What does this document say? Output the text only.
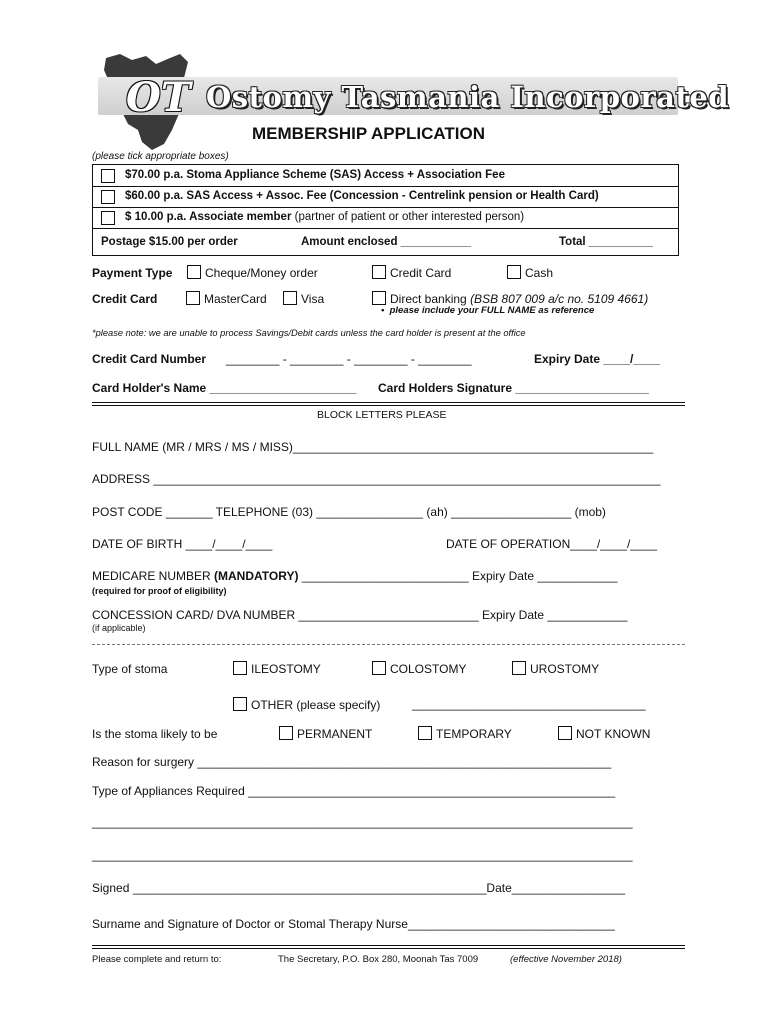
OT Ostomy Tasmania Incorporated
MEMBERSHIP APPLICATION
(please tick appropriate boxes)
$70.00 p.a. Stoma Appliance Scheme (SAS) Access + Association Fee
$60.00 p.a. SAS Access + Assoc. Fee (Concession - Centrelink pension or Health Card)
$ 10.00 p.a. Associate member (partner of patient or other interested person)
Postage $15.00 per order	Amount enclosed ___________	Total __________
Payment Type	Cheque/Money order	Credit Card	Cash
Credit Card	MasterCard	Visa	Direct banking (BSB 807 009 a/c no. 5109 4661)
•  please include your FULL NAME as reference
*please note: we are unable to process Savings/Debit cards unless the card holder is present at the office
Credit Card Number ________ - ________ - ________ - ________	Expiry Date ____/____
Card Holder's Name ______________________ Card Holders Signature ____________________
BLOCK LETTERS PLEASE
FULL NAME (MR / MRS / MS / MISS)______________________________________________________
ADDRESS ____________________________________________________________________________
POST CODE _______ TELEPHONE (03) ________________ (ah) __________________ (mob)
DATE OF BIRTH ____/____/____	DATE OF OPERATION____/____/____
MEDICARE NUMBER (MANDATORY) _________________________ Expiry Date ____________
(required for proof of eligibility)
CONCESSION CARD/ DVA NUMBER ___________________________ Expiry Date ____________
(if applicable)
Type of stoma	ILEOSTOMY	COLOSTOMY	UROSTOMY
OTHER (please specify)	___________________________________
Is the stoma likely to be	PERMANENT	TEMPORARY	NOT KNOWN
Reason for surgery ______________________________________________________________
Type of Appliances Required _______________________________________________________
_________________________________________________________________________________
_________________________________________________________________________________
Signed _____________________________________________________Date_________________
Surname and Signature of Doctor or Stomal Therapy Nurse_______________________________
Please complete and return to:	The Secretary, P.O. Box 280, Moonah Tas 7009	(effective November 2018)
